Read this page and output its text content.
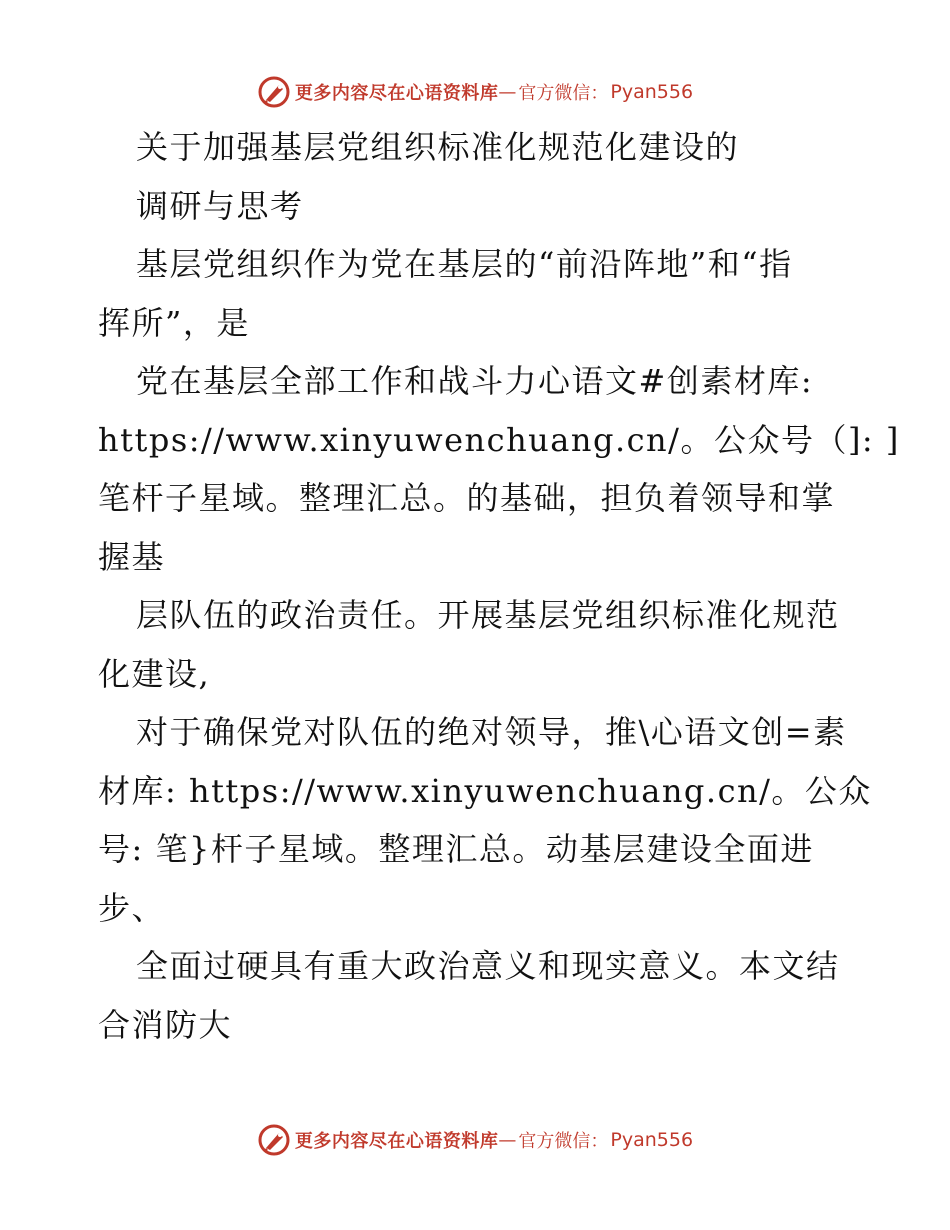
更多内容尽在心语资料库 — 官方微信： Pyan556
关于加强基层党组织标准化规范化建设的
调研与思考
基层党组织作为党在基层的“前沿阵地”和“指
挥所”，是
党在基层全部工作和战斗力心语文#创素材库:
https://www.xinyuwenchuang.cn/。公众号（]: ]
笔杆子星域。整理汇总。的基础，担负着领导和掌
握基
层队伍的政治责任。开展基层党组织标准化规范
化建设,
对于确保党对队伍的绝对领导，推\心语文创=素
材库: https://www.xinyuwenchuang.cn/。公众
号: 笔}杆子星域。整理汇总。动基层建设全面进
步、
全面过硬具有重大政治意义和现实意义。本文结
合消防大
更多内容尽在心语资料库 — 官方微信： Pyan556
